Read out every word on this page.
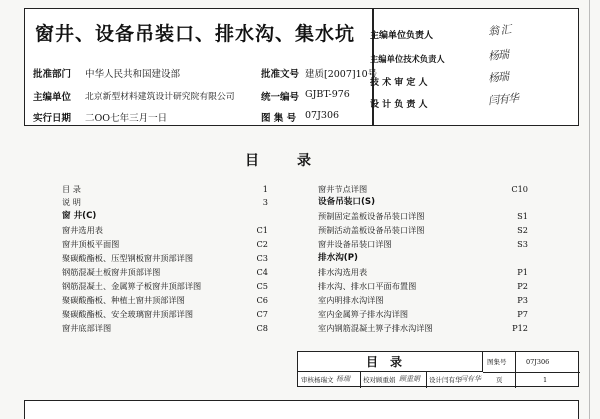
窗井、设备吊装口、排水沟、集水坑
批准部门 中华人民共和国建设部	批准文号 建质[2007]10号
主编单位 北京新型材料建筑设计研究院有限公司	统一编号 GJBT-976
实行日期 二OO七年三月一日	图 集 号 07J306
主编单位负责人	翁 汇
主编单位技术负责人	杨瑞
技 术 审 定 人	杨瑞
设 计 负 责 人	闫有华
目录
目 录	1
说 明	3
窗 井(C)
窗井选用表	C1
窗井顶板平面图	C2
聚碳酸酯板、压型钢板窗井顶部详图	C3
钢筋混凝土板窗井顶部详图	C4
钢筋混凝土、金属箅子板窗井顶部详图	C5
聚碳酸酯板、种植土窗井顶部详图	C6
聚碳酸酯板、安全玻璃窗井顶部详图	C7
窗井底部详图	C8
窗井节点详图	C10
设备吊装口(S)
预制固定盖板设备吊装口详图	S1
预制活动盖板设备吊装口详图	S2
窗井设备吊装口详图	S3
排水沟(P)
排水沟选用表	P1
排水沟、排水口平面布置图	P2
室内明排水沟详图	P3
室内金属箅子排水沟详图	P7
室内钢筋混凝土箅子排水沟详图	P12
目录	图集号	07J306
审核 杨瑞文 杨瑞 校对 顾重娟 顾重娟 设计 闫有华
闫有华 页	1
